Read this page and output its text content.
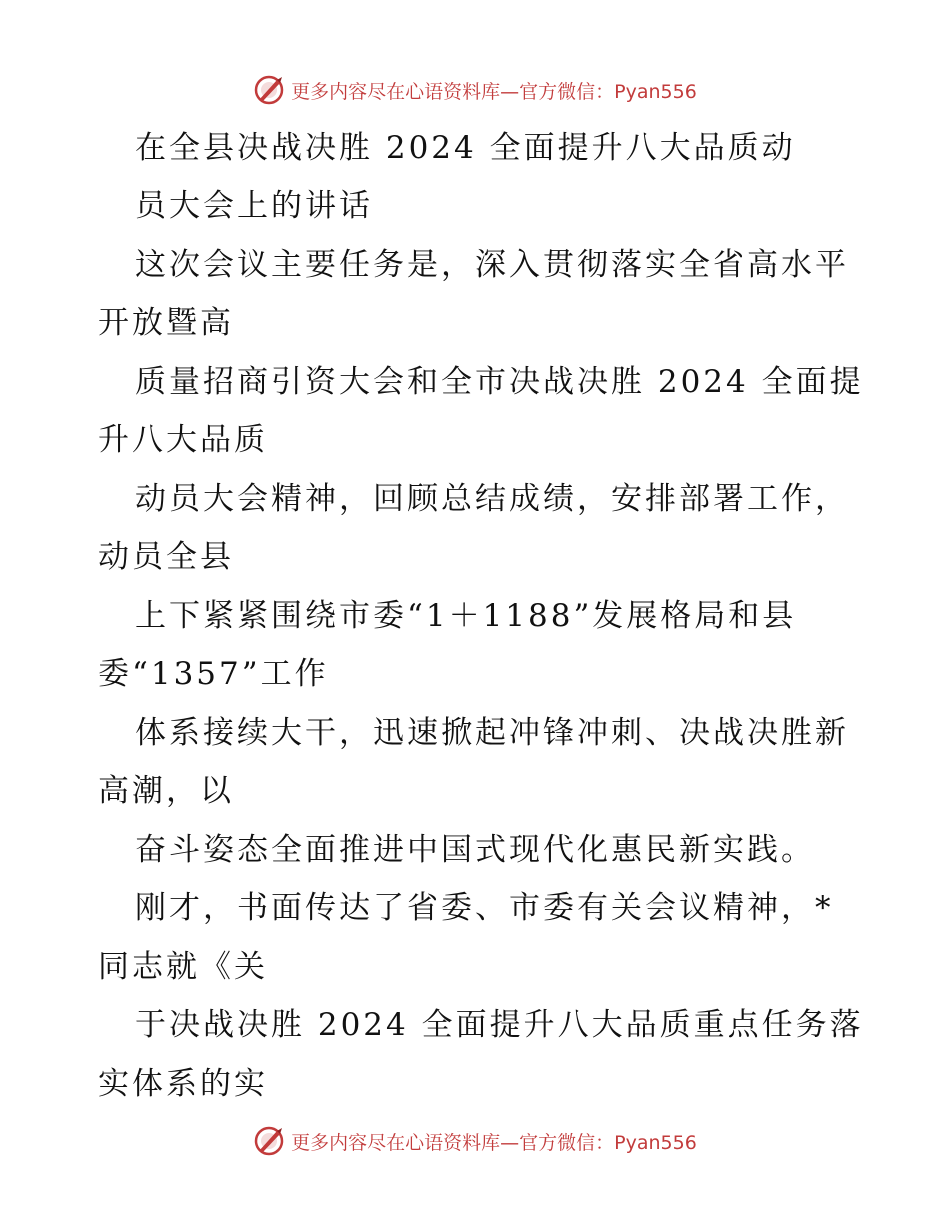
更多内容尽在心语资料库—官方微信：Pyan556
在全县决战决胜 2024 全面提升八大品质动
员大会上的讲话
这次会议主要任务是，深入贯彻落实全省高水平
开放暨高
质量招商引资大会和全市决战决胜 2024 全面提
升八大品质
动员大会精神，回顾总结成绩，安排部署工作，
动员全县
上下紧紧围绕市委“1＋1188”发展格局和县
委“1357”工作
体系接续大干，迅速掀起冲锋冲刺、决战决胜新
高潮，以
奋斗姿态全面推进中国式现代化惠民新实践。
刚才，书面传达了省委、市委有关会议精神，*
同志就《关
于决战决胜 2024 全面提升八大品质重点任务落
实体系的实
更多内容尽在心语资料库—官方微信：Pyan556
